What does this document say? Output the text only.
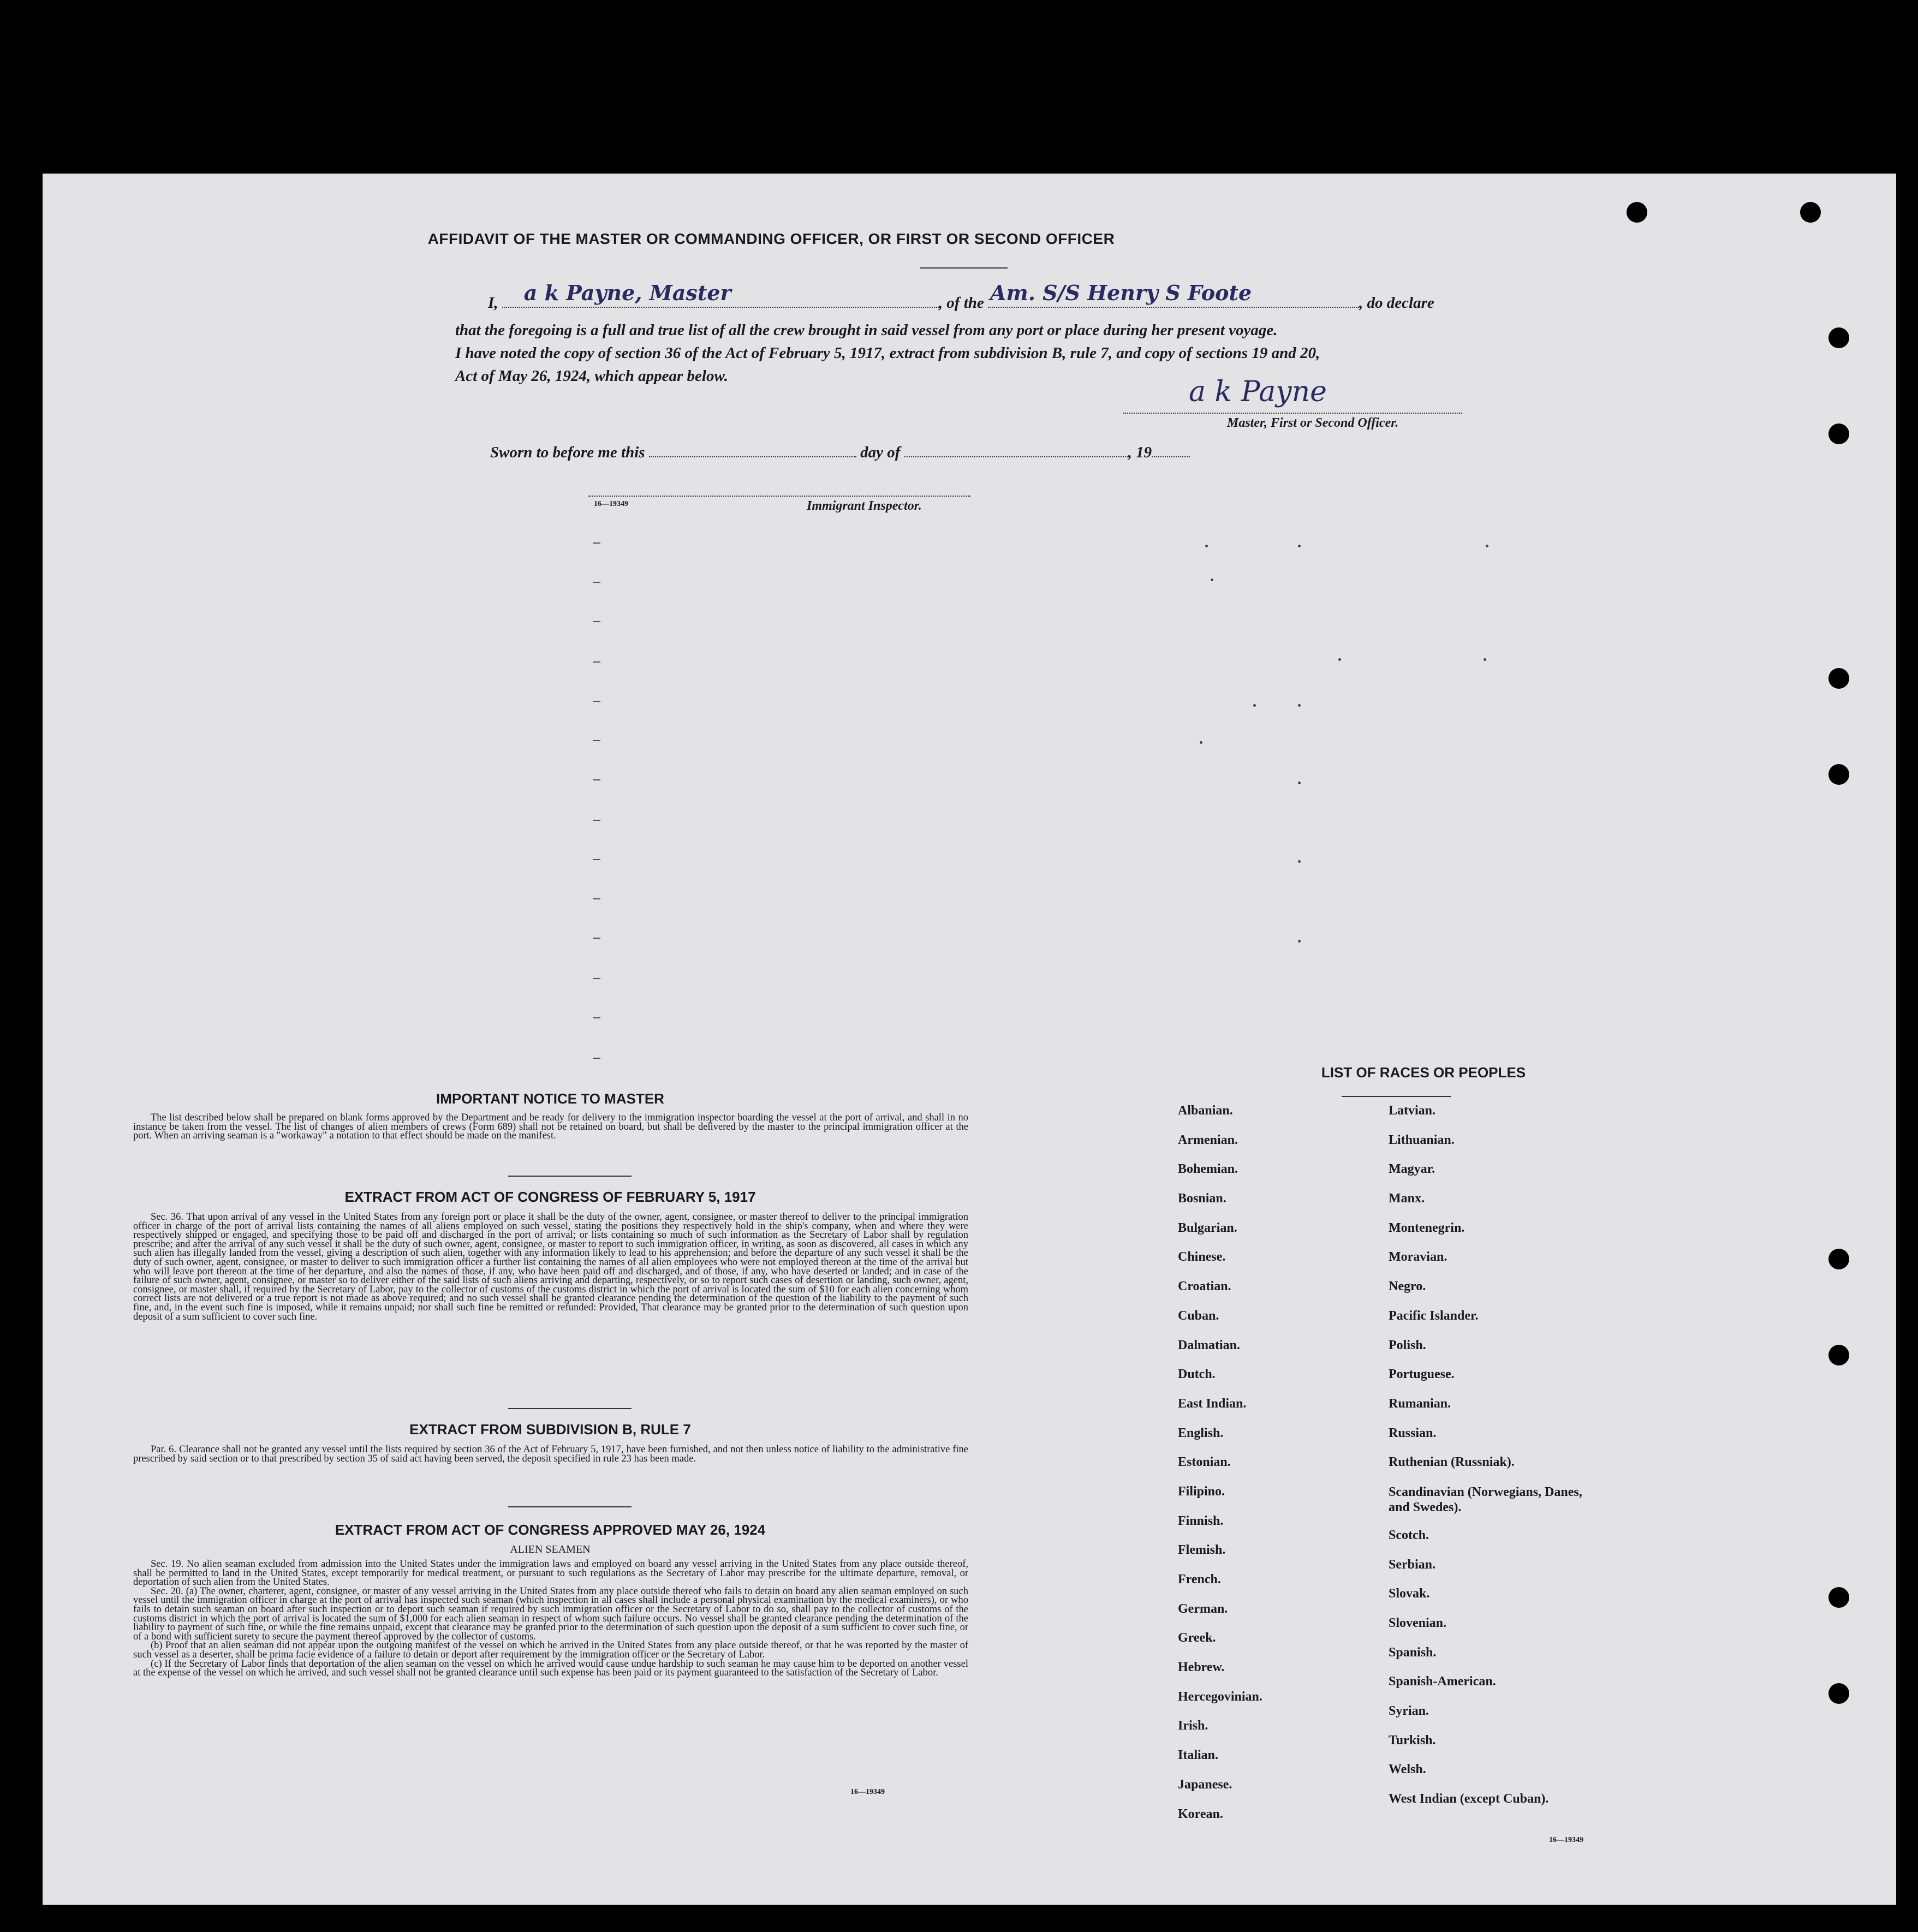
AFFIDAVIT OF THE MASTER OR COMMANDING OFFICER, OR FIRST OR SECOND OFFICER
I, a k Payne, Master	, of the Am. S/S Henry S Foote	, do declare
that the foregoing is a full and true list of all the crew brought in said vessel from any port or place during her present voyage.
I have noted the copy of section 36 of the Act of February 5, 1917, extract from subdivision B, rule 7, and copy of sections 19 and 20,
Act of May 26, 1924, which appear below.	a k Payne
Master, First or Second Officer.
Sworn to before me this	day of	, 19
16—19349	Immigrant Inspector.
IMPORTANT NOTICE TO MASTER

The list described below shall be prepared on blank forms approved by the Department and be ready for delivery to the immigration inspector boarding the vessel at the port of arrival, and shall in no instance be taken from the vessel. The list of changes of alien members of crews (Form 689) shall not be retained on board, but shall be delivered by the master to the principal immigration officer at the port. When an arriving seaman is a "workaway" a notation to that effect should be made on the manifest.

EXTRACT FROM ACT OF CONGRESS OF FEBRUARY 5, 1917

Sec. 36. That upon arrival of any vessel in the United States from any foreign port or place it shall be the duty of the owner, agent, consignee, or master thereof to deliver to the principal immigration officer in charge of the port of arrival lists containing the names of all aliens employed on such vessel, stating the positions they respectively hold in the ship's company, when and where they were respectively shipped or engaged, and specifying those to be paid off and discharged in the port of arrival; or lists containing so much of such information as the Secretary of Labor shall by regulation prescribe; and after the arrival of any such vessel it shall be the duty of such owner, agent, consignee, or master to report to such immigration officer, in writing, as soon as discovered, all cases in which any such alien has illegally landed from the vessel, giving a description of such alien, together with any information likely to lead to his apprehension; and before the departure of any such vessel it shall be the duty of such owner, agent, consignee, or master to deliver to such immigration officer a further list containing the names of all alien employees who were not employed thereon at the time of the arrival but who will leave port thereon at the time of her departure, and also the names of those, if any, who have been paid off and discharged, and of those, if any, who have deserted or landed; and in case of the failure of such owner, agent, consignee, or master so to deliver either of the said lists of such aliens arriving and departing, respectively, or so to report such cases of desertion or landing, such owner, agent, consignee, or master shall, if required by the Secretary of Labor, pay to the collector of customs of the customs district in which the port of arrival is located the sum of $10 for each alien concerning whom correct lists are not delivered or a true report is not made as above required; and no such vessel shall be granted clearance pending the determination of the question of the liability to the payment of such fine, and, in the event such fine is imposed, while it remains unpaid; nor shall such fine be remitted or refunded: Provided, That clearance may be granted prior to the determination of such question upon deposit of a sum sufficient to cover such fine.

EXTRACT FROM SUBDIVISION B, RULE 7

Par. 6. Clearance shall not be granted any vessel until the lists required by section 36 of the Act of February 5, 1917, have been furnished, and not then unless notice of liability to the administrative fine prescribed by said section or to that prescribed by section 35 of said act having been served, the deposit specified in rule 23 has been made.

EXTRACT FROM ACT OF CONGRESS APPROVED MAY 26, 1924
ALIEN SEAMEN

Sec. 19. No alien seaman excluded from admission into the United States under the immigration laws and employed on board any vessel arriving in the United States from any place outside thereof, shall be permitted to land in the United States, except temporarily for medical treatment, or pursuant to such regulations as the Secretary of Labor may prescribe for the ultimate departure, removal, or deportation of such alien from the United States.

Sec. 20. (a) The owner, charterer, agent, consignee, or master of any vessel arriving in the United States from any place outside thereof who fails to detain on board any alien seaman employed on such vessel until the immigration officer in charge at the port of arrival has inspected such seaman (which inspection in all cases shall include a personal physical examination by the medical examiners), or who fails to detain such seaman on board after such inspection or to deport such seaman if required by such immigration officer or the Secretary of Labor to do so, shall pay to the collector of customs of the customs district in which the port of arrival is located the sum of $1,000 for each alien seaman in respect of whom such failure occurs. No vessel shall be granted clearance pending the determination of the liability to payment of such fine, or while the fine remains unpaid, except that clearance may be granted prior to the determination of such question upon the deposit of a sum sufficient to cover such fine, or of a bond with sufficient surety to secure the payment thereof approved by the collector of customs.

(b) Proof that an alien seaman did not appear upon the outgoing manifest of the vessel on which he arrived in the United States from any place outside thereof, or that he was reported by the master of such vessel as a deserter, shall be prima facie evidence of a failure to detain or deport after requirement by the immigration officer or the Secretary of Labor.

(c) If the Secretary of Labor finds that deportation of the alien seaman on the vessel on which he arrived would cause undue hardship to such seaman he may cause him to be deported on another vessel at the expense of the vessel on which he arrived, and such vessel shall not be granted clearance until such expense has been paid or its payment guaranteed to the satisfaction of the Secretary of Labor.

16—19349
LIST OF RACES OR PEOPLES
Albanian.
Armenian.
Bohemian.
Bosnian.
Bulgarian.
Chinese.
Croatian.
Cuban.
Dalmatian.
Dutch.
East Indian.
English.
Estonian.
Filipino.
Finnish.
Flemish.
French.
German.
Greek.
Hebrew.
Hercegovinian.
Irish.
Italian.
Japanese.
Korean.
Latvian.
Lithuanian.
Magyar.
Manx.
Montenegrin.
Moravian.
Negro.
Pacific Islander.
Polish.
Portuguese.
Rumanian.
Russian.
Ruthenian (Russniak).
Scandinavian (Norwegians, Danes, and Swedes).
Scotch.
Serbian.
Slovak.
Slovenian.
Spanish.
Spanish-American.
Syrian.
Turkish.
Welsh.
West Indian (except Cuban).
16—19349
